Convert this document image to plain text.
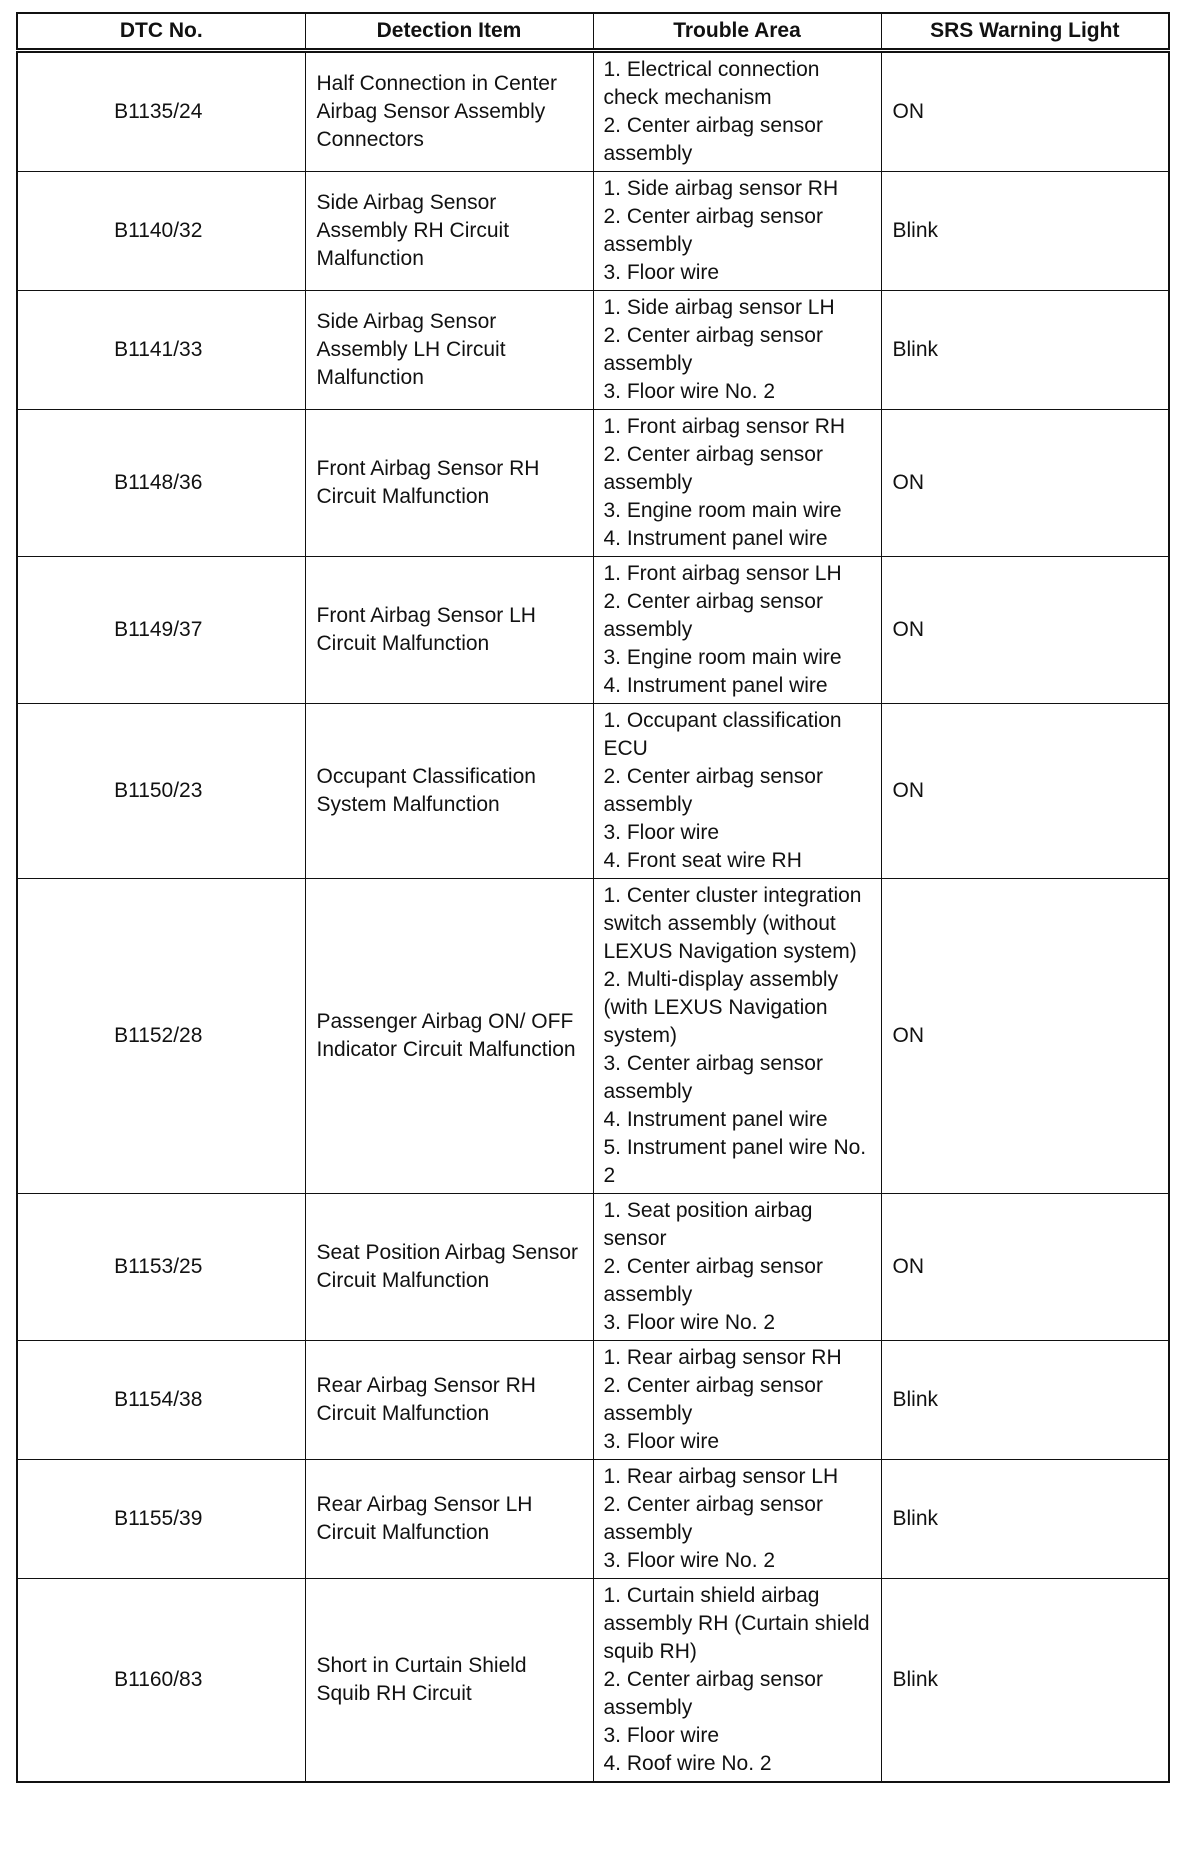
DTC No.	Detection Item	Trouble Area	SRS Warning Light
B1135/24	Half Connection in Center Airbag Sensor Assembly Connectors	1. Electrical connection check mechanism
2. Center airbag sensor assembly	ON
B1140/32	Side Airbag Sensor Assembly RH Circuit Malfunction	1. Side airbag sensor RH
2. Center airbag sensor assembly
3. Floor wire	Blink
B1141/33	Side Airbag Sensor Assembly LH Circuit Malfunction	1. Side airbag sensor LH
2. Center airbag sensor assembly
3. Floor wire No. 2	Blink
B1148/36	Front Airbag Sensor RH Circuit Malfunction	1. Front airbag sensor RH
2. Center airbag sensor assembly
3. Engine room main wire
4. Instrument panel wire	ON
B1149/37	Front Airbag Sensor LH Circuit Malfunction	1. Front airbag sensor LH
2. Center airbag sensor assembly
3. Engine room main wire
4. Instrument panel wire	ON
B1150/23	Occupant Classification System Malfunction	1. Occupant classification ECU
2. Center airbag sensor assembly
3. Floor wire
4. Front seat wire RH	ON
B1152/28	Passenger Airbag ON/ OFF Indicator Circuit Malfunction	1. Center cluster integration switch assembly (without LEXUS Navigation system)
2. Multi-display assembly (with LEXUS Navigation system)
3. Center airbag sensor assembly
4. Instrument panel wire
5. Instrument panel wire No. 2	ON
B1153/25	Seat Position Airbag Sensor Circuit Malfunction	1. Seat position airbag sensor
2. Center airbag sensor assembly
3. Floor wire No. 2	ON
B1154/38	Rear Airbag Sensor RH Circuit Malfunction	1. Rear airbag sensor RH
2. Center airbag sensor assembly
3. Floor wire	Blink
B1155/39	Rear Airbag Sensor LH Circuit Malfunction	1. Rear airbag sensor LH
2. Center airbag sensor assembly
3. Floor wire No. 2	Blink
B1160/83	Short in Curtain Shield Squib RH Circuit	1. Curtain shield airbag assembly RH (Curtain shield squib RH)
2. Center airbag sensor assembly
3. Floor wire
4. Roof wire No. 2	Blink
